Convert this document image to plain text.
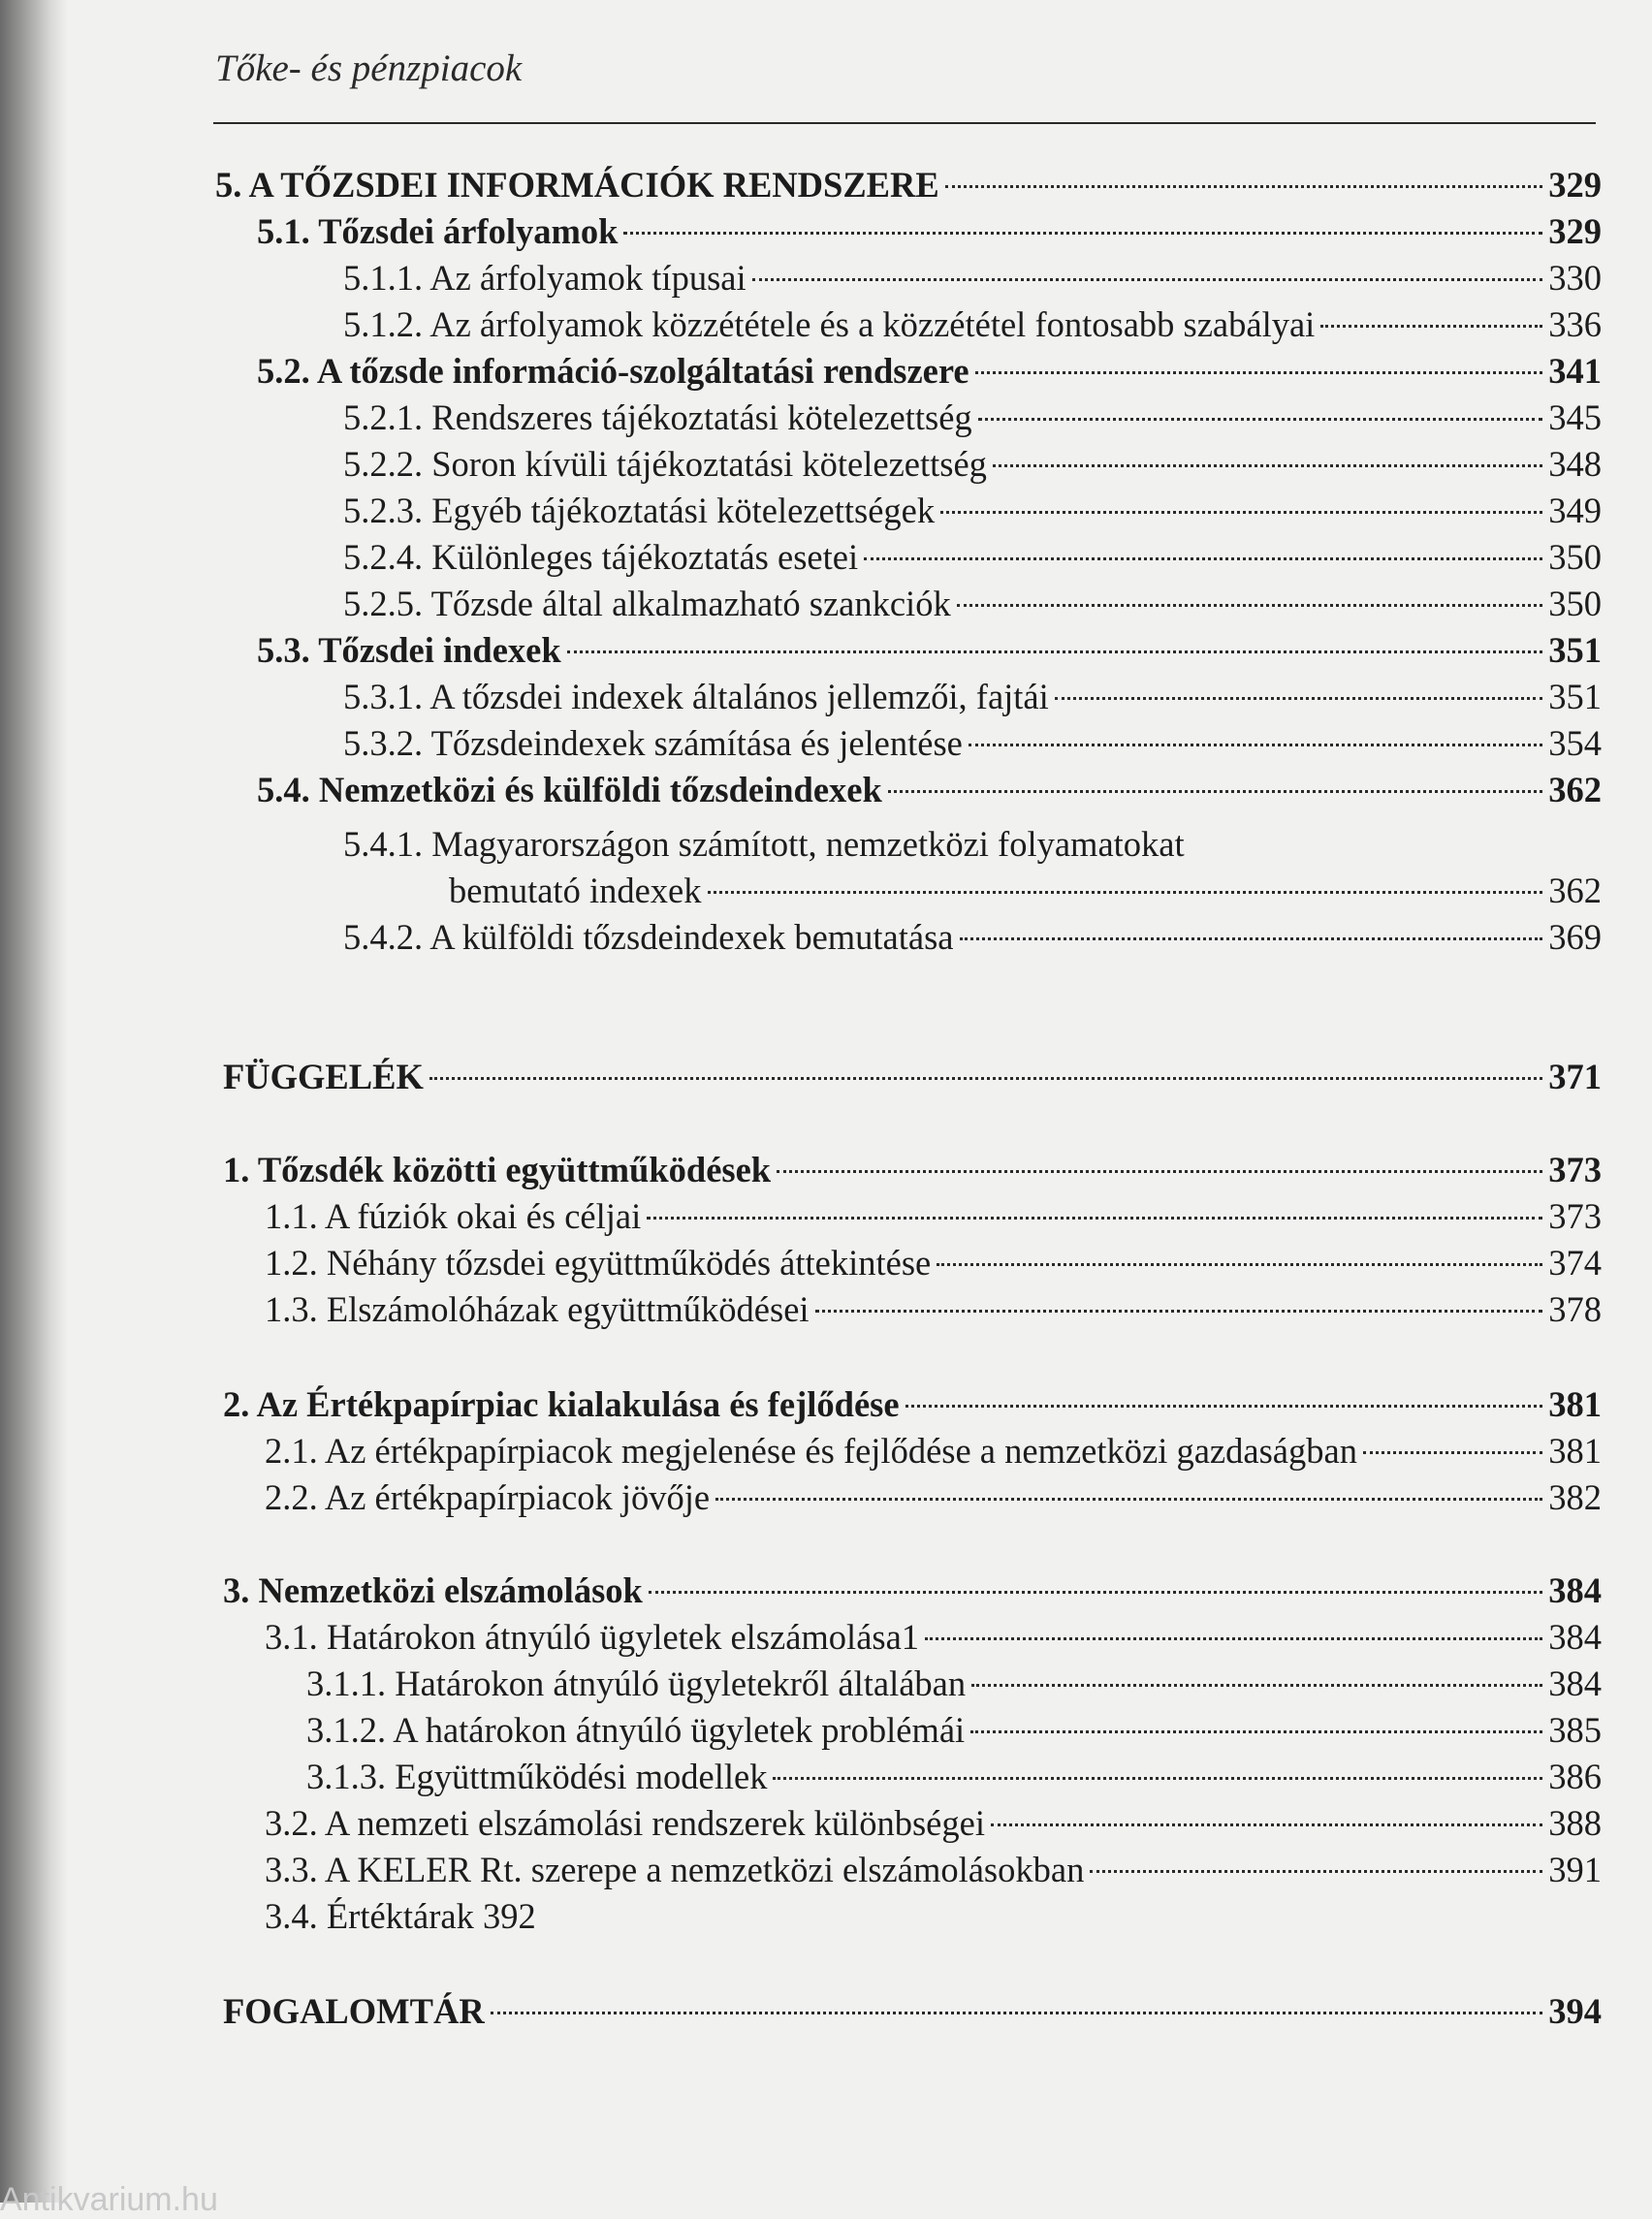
Tőke- és pénzpiacok
5. A TŐZSDEI INFORMÁCIÓK RENDSZERE	329
5.1. Tőzsdei árfolyamok	329
5.1.1. Az árfolyamok típusai	330
5.1.2. Az árfolyamok közzététele és a közzététel fontosabb szabályai	336
5.2. A tőzsde információ-szolgáltatási rendszere	341
5.2.1. Rendszeres tájékoztatási kötelezettség	345
5.2.2. Soron kívüli tájékoztatási kötelezettség	348
5.2.3. Egyéb tájékoztatási kötelezettségek	349
5.2.4. Különleges tájékoztatás esetei	350
5.2.5. Tőzsde által alkalmazható szankciók	350
5.3. Tőzsdei indexek	351
5.3.1. A tőzsdei indexek általános jellemzői, fajtái	351
5.3.2. Tőzsdeindexek számítása és jelentése	354
5.4. Nemzetközi és külföldi tőzsdeindexek	362
5.4.1. Magyarországon számított, nemzetközi folyamatokat
bemutató indexek	362
5.4.2. A külföldi tőzsdeindexek bemutatása	369
FÜGGELÉK	371
1. Tőzsdék közötti együttműködések	373
1.1. A fúziók okai és céljai	373
1.2. Néhány tőzsdei együttműködés áttekintése	374
1.3. Elszámolóházak együttműködései	378
2. Az Értékpapírpiac kialakulása és fejlődése	381
2.1. Az értékpapírpiacok megjelenése és fejlődése a nemzetközi gazdaságban	381
2.2. Az értékpapírpiacok jövője	382
3. Nemzetközi elszámolások	384
3.1. Határokon átnyúló ügyletek elszámolása1	384
3.1.1. Határokon átnyúló ügyletekről általában	384
3.1.2. A határokon átnyúló ügyletek problémái	385
3.1.3. Együttműködési modellek	386
3.2. A nemzeti elszámolási rendszerek különbségei	388
3.3. A KELER Rt. szerepe a nemzetközi elszámolásokban	391
3.4. Értéktárak 392
FOGALOMTÁR	394
Antikvarium.hu
